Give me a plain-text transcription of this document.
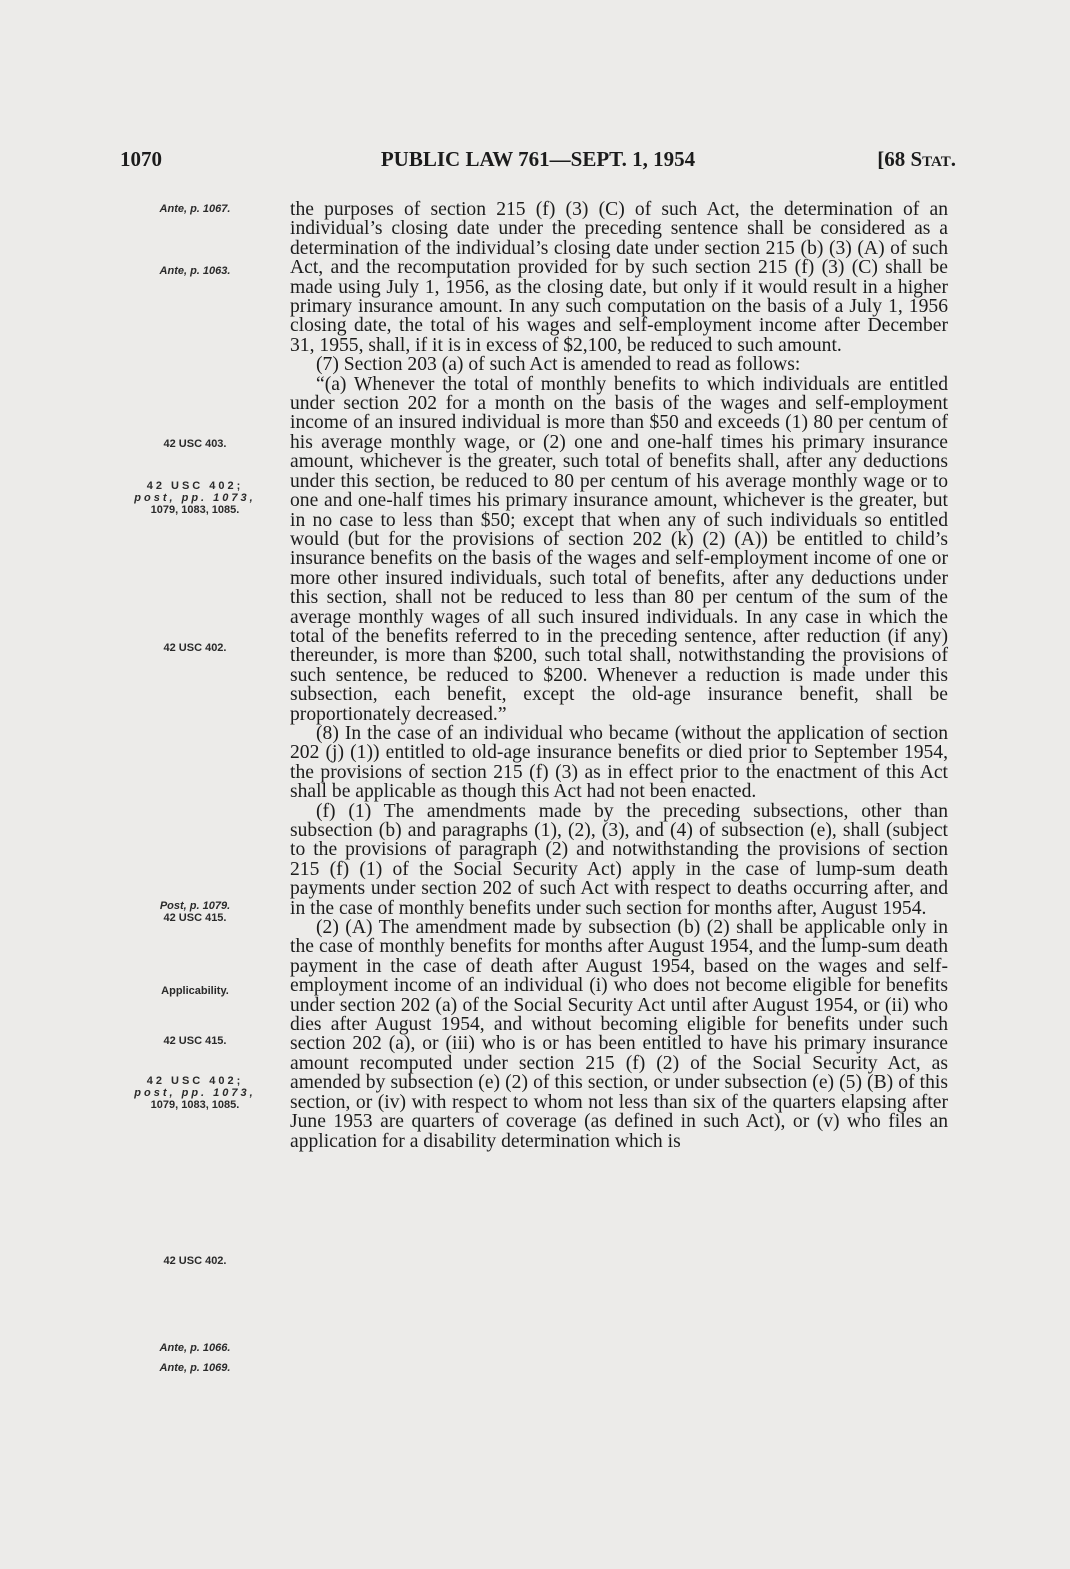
1070	PUBLIC LAW 761—SEPT. 1, 1954	[68 Stat.
Ante, p. 1067.
Ante, p. 1063.
42 USC 403.
42 USC 402;
post, pp. 1073,
1079, 1083, 1085.
42 USC 402.
Post, p. 1079.
42 USC 415.
Applicability.
42 USC 415.
42 USC 402;
post, pp. 1073,
1079, 1083, 1085.
42 USC 402.
Ante, p. 1066.
Ante, p. 1069.

the purposes of section 215 (f) (3) (C) of such Act, the determination of an individual’s closing date under the preceding sentence shall be considered as a determination of the individual’s closing date under section 215 (b) (3) (A) of such Act, and the recomputation provided for by such section 215 (f) (3) (C) shall be made using July 1, 1956, as the closing date, but only if it would result in a higher primary insurance amount. In any such computation on the basis of a July 1, 1956 closing date, the total of his wages and self-employment income after December 31, 1955, shall, if it is in excess of $2,100, be reduced to such amount.

(7) Section 203 (a) of such Act is amended to read as follows:

“(a) Whenever the total of monthly benefits to which individuals are entitled under section 202 for a month on the basis of the wages and self-employment income of an insured individual is more than $50 and exceeds (1) 80 per centum of his average monthly wage, or (2) one and one-half times his primary insurance amount, whichever is the greater, such total of benefits shall, after any deductions under this section, be reduced to 80 per centum of his average monthly wage or to one and one-half times his primary insurance amount, whichever is the greater, but in no case to less than $50; except that when any of such individuals so entitled would (but for the provisions of section 202 (k) (2) (A)) be entitled to child’s insurance benefits on the basis of the wages and self-employment income of one or more other insured individuals, such total of benefits, after any deductions under this section, shall not be reduced to less than 80 per centum of the sum of the average monthly wages of all such insured individuals. In any case in which the total of the benefits referred to in the preceding sentence, after reduction (if any) thereunder, is more than $200, such total shall, notwithstanding the provisions of such sentence, be reduced to $200. Whenever a reduction is made under this subsection, each benefit, except the old-age insurance benefit, shall be proportionately decreased.”

(8) In the case of an individual who became (without the application of section 202 (j) (1)) entitled to old-age insurance benefits or died prior to September 1954, the provisions of section 215 (f) (3) as in effect prior to the enactment of this Act shall be applicable as though this Act had not been enacted.

(f) (1) The amendments made by the preceding subsections, other than subsection (b) and paragraphs (1), (2), (3), and (4) of subsection (e), shall (subject to the provisions of paragraph (2) and notwithstanding the provisions of section 215 (f) (1) of the Social Security Act) apply in the case of lump-sum death payments under section 202 of such Act with respect to deaths occurring after, and in the case of monthly benefits under such section for months after, August 1954.

(2) (A) The amendment made by subsection (b) (2) shall be applicable only in the case of monthly benefits for months after August 1954, and the lump-sum death payment in the case of death after August 1954, based on the wages and self-employment income of an individual (i) who does not become eligible for benefits under section 202 (a) of the Social Security Act until after August 1954, or (ii) who dies after August 1954, and without becoming eligible for benefits under such section 202 (a), or (iii) who is or has been entitled to have his primary insurance amount recomputed under section 215 (f) (2) of the Social Security Act, as amended by subsection (e) (2) of this section, or under subsection (e) (5) (B) of this section, or (iv) with respect to whom not less than six of the quarters elapsing after June 1953 are quarters of coverage (as defined in such Act), or (v) who files an application for a disability determination which is
